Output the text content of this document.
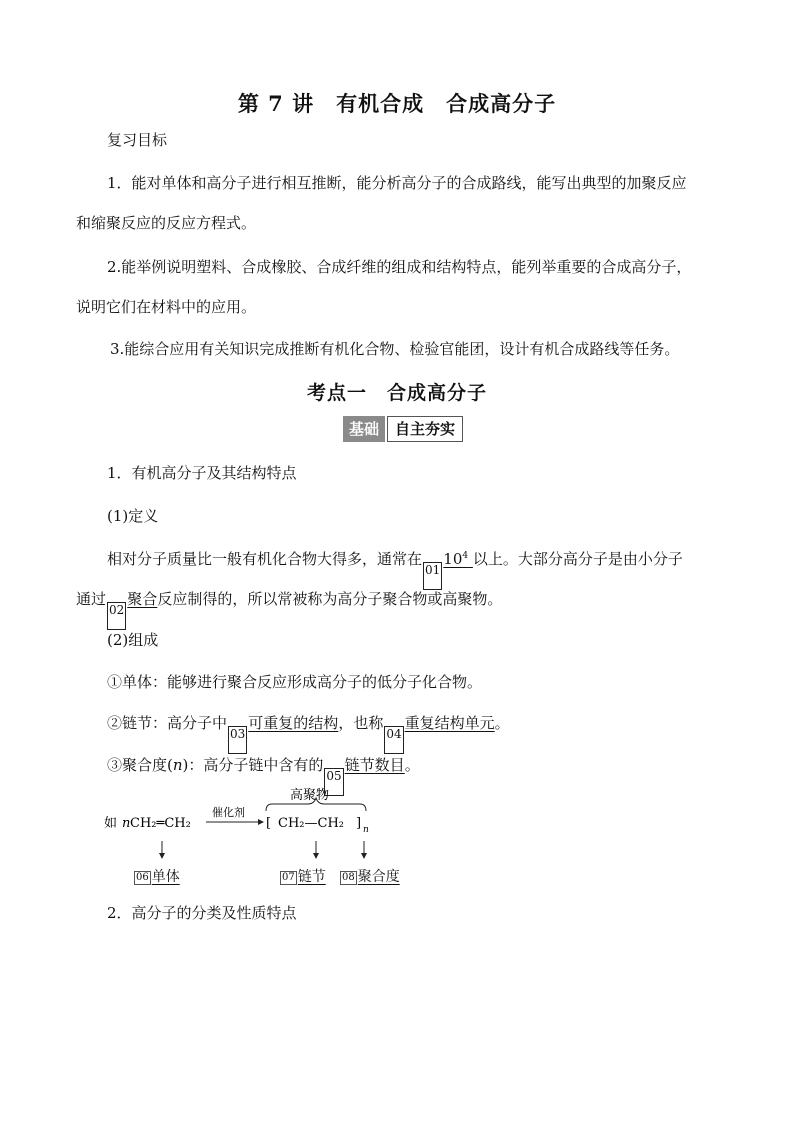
第 7 讲　有机合成　合成高分子
复习目标
1．能对单体和高分子进行相互推断，能分析高分子的合成路线，能写出典型的加聚反应
和缩聚反应的反应方程式。
2.能举例说明塑料、合成橡胶、合成纤维的组成和结构特点，能列举重要的合成高分子，
说明它们在材料中的应用。
3.能综合应用有关知识完成推断有机化合物、检验官能团，设计有机合成路线等任务。
考点一　合成高分子
基础	自主夯实
1．有机高分子及其结构特点
(1)定义
相对分子质量比一般有机化合物大得多，通常在0110$^4$ 以上。大部分高分子是由小分子
通过02聚合反应制得的，所以常被称为高分子聚合物或高聚物。
(2)组成
①单体：能够进行聚合反应形成高分子的低分子化合物。
②链节：高分子中03可重复的结构，也称04重复结构单元。
③聚合度(n)：高分子链中含有的05链节数目。
如 n CH₂═CH₂
催化剂
高聚物
[ CH₂—CH₂ ] n
06 单体	07 链节 08 聚合度
2．高分子的分类及性质特点
